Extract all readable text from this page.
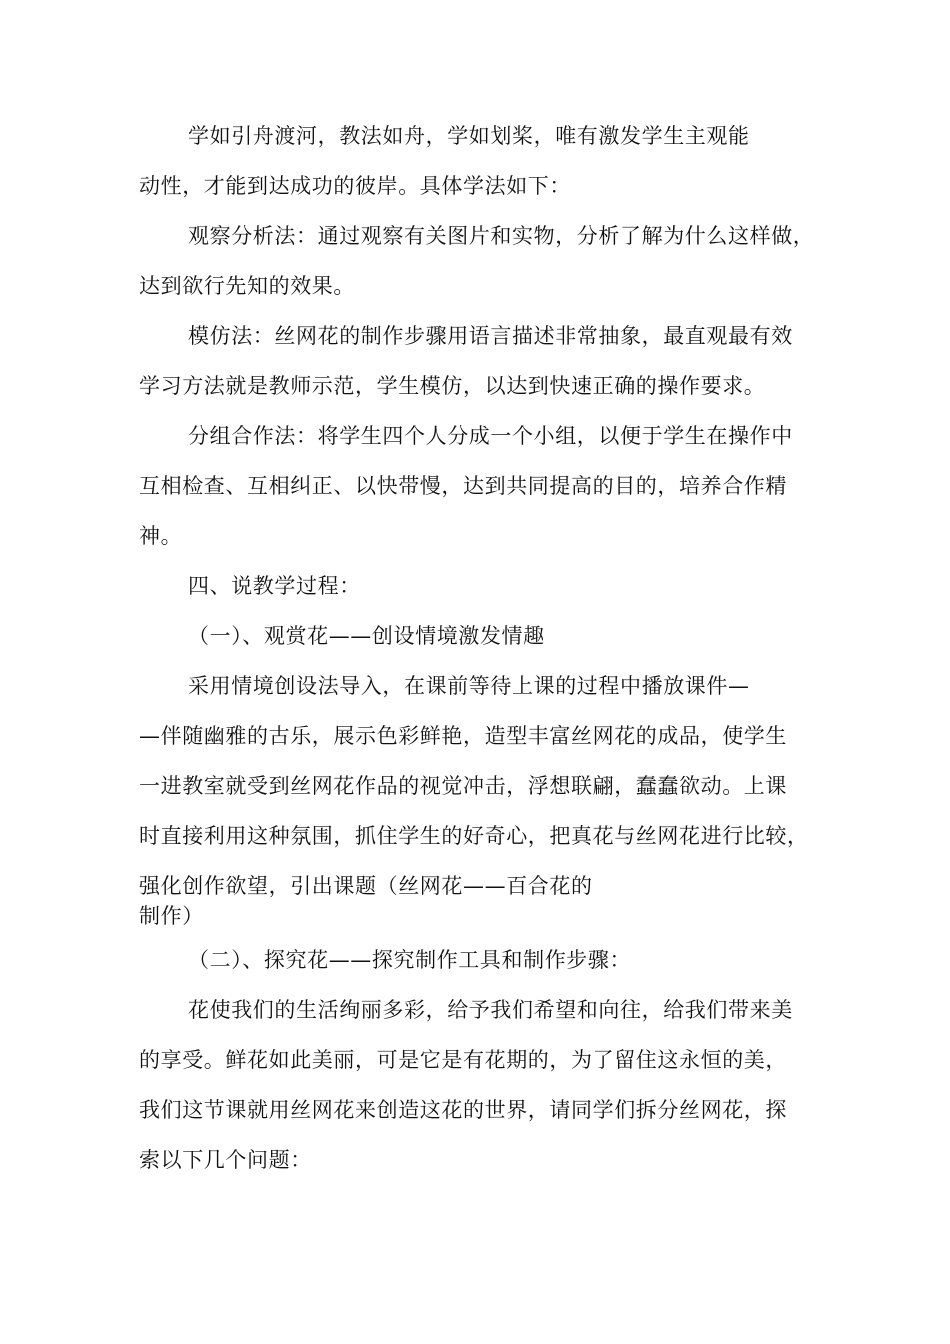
学如引舟渡河，教法如舟，学如划桨，唯有激发学生主观能
动性，才能到达成功的彼岸。具体学法如下：
观察分析法：通过观察有关图片和实物，分析了解为什么这样做，
达到欲行先知的效果。
模仿法：丝网花的制作步骤用语言描述非常抽象，最直观最有效
学习方法就是教师示范，学生模仿，以达到快速正确的操作要求。
分组合作法：将学生四个人分成一个小组，以便于学生在操作中
互相检查、互相纠正、以快带慢，达到共同提高的目的，培养合作精
神。
四、说教学过程：
（一）、观赏花——创设情境激发情趣
采用情境创设法导入，在课前等待上课的过程中播放课件—
—伴随幽雅的古乐，展示色彩鲜艳，造型丰富丝网花的成品，使学生
一进教室就受到丝网花作品的视觉冲击，浮想联翩，蠢蠢欲动。上课
时直接利用这种氛围，抓住学生的好奇心，把真花与丝网花进行比较，
强化创作欲望，引出课题（丝网花——百合花的
制作）
（二）、探究花——探究制作工具和制作步骤：
花使我们的生活绚丽多彩，给予我们希望和向往，给我们带来美
的享受。鲜花如此美丽，可是它是有花期的，为了留住这永恒的美，
我们这节课就用丝网花来创造这花的世界，请同学们拆分丝网花，探
索以下几个问题：
